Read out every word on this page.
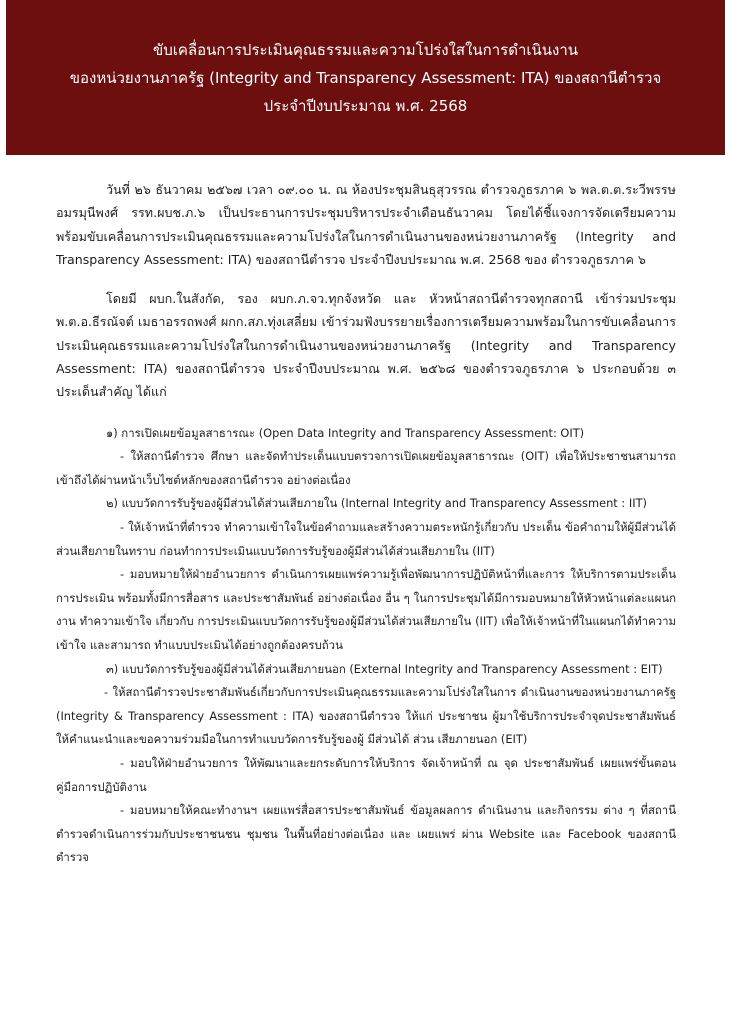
ขับเคลื่อนการประเมินคุณธรรมและความโปร่งใสในการดำเนินงาน
ของหน่วยงานภาครัฐ (Integrity and Transparency Assessment: ITA) ของสถานีตำรวจ
ประจำปีงบประมาณ พ.ศ. 2568

วันที่ ๒๖ ธันวาคม ๒๕๖๗ เวลา ๐๙.๐๐ น. ณ ห้องประชุมสินธุสุวรรณ ตำรวจภูธรภาค ๖ พล.ต.ต.ระวีพรรษ อมรมุนีพงศ์ รรท.ผบช.ภ.๖ เป็นประธานการประชุมบริหารประจำเดือนธันวาคม โดยได้ชี้แจงการจัดเตรียมความพร้อมขับเคลื่อนการประเมินคุณธรรมและความโปร่งใสในการดำเนินงานของหน่วยงานภาครัฐ (Integrity and Transparency Assessment: ITA) ของสถานีตำรวจ ประจำปีงบประมาณ พ.ศ. 2568 ของ ตำรวจภูธรภาค ๖

โดยมี ผบก.ในสังกัด, รอง ผบก.ภ.จว.ทุกจังหวัด และ หัวหน้าสถานีตำรวจทุกสถานี เข้าร่วมประชุม พ.ต.อ.ธีรณัจต์ เมธาอรรถพงศ์ ผกก.สภ.ทุ่งเสลี่ยม เข้าร่วมฟังบรรยายเรื่องการเตรียมความพร้อมในการขับเคลื่อนการประเมินคุณธรรมและความโปร่งใสในการดำเนินงานของหน่วยงานภาครัฐ (Integrity and Transparency Assessment: ITA) ของสถานีตำรวจ ประจำปีงบประมาณ พ.ศ. ๒๕๖๘ ของตำรวจภูธรภาค ๖ ประกอบด้วย ๓ ประเด็นสำคัญ ได้แก่

๑) การเปิดเผยข้อมูลสาธารณะ (Open Data Integrity and Transparency Assessment: OIT)

- ให้สถานีตำรวจ ศึกษา และจัดทำประเด็นแบบตรวจการเปิดเผยข้อมูลสาธารณะ (OIT) เพื่อให้ประชาชนสามารถเข้าถึงได้ผ่านหน้าเว็บไซต์หลักของสถานีตำรวจ อย่างต่อเนื่อง

๒) แบบวัดการรับรู้ของผู้มีส่วนได้ส่วนเสียภายใน (Internal Integrity and Transparency Assessment : IIT)

- ให้เจ้าหน้าที่ตำรวจ ทำความเข้าใจในข้อคำถามและสร้างความตระหนักรู้เกี่ยวกับ ประเด็น ข้อคำถามให้ผู้มีส่วนได้ส่วนเสียภายในทราบ ก่อนทำการประเมินแบบวัดการรับรู้ของผู้มีส่วนได้ส่วนเสียภายใน (IIT)

- มอบหมายให้ฝ่ายอำนวยการ ดำเนินการเผยแพร่ความรู้เพื่อพัฒนาการปฏิบัติหน้าที่และการ ให้บริการตามประเด็นการประเมิน พร้อมทั้งมีการสื่อสาร และประชาสัมพันธ์ อย่างต่อเนื่อง อื่น ๆ ในการประชุมได้มีการมอบหมายให้หัวหน้าแต่ละแผนกงาน ทำความเข้าใจ เกี่ยวกับ การประเมินแบบวัดการรับรู้ของผู้มีส่วนได้ส่วนเสียภายใน (IIT) เพื่อให้เจ้าหน้าที่ในแผนกได้ทำความเข้าใจ และสามารถ ทำแบบประเมินได้อย่างถูกต้องครบถ้วน

๓) แบบวัดการรับรู้ของผู้มีส่วนได้ส่วนเสียภายนอก (External Integrity and Transparency Assessment : EIT)

- ให้สถานีตำรวจประชาสัมพันธ์เกี่ยวกับการประเมินคุณธรรมและความโปร่งใสในการ ดำเนินงานของหน่วยงานภาครัฐ (Integrity & Transparency Assessment : ITA) ของสถานีตำรวจ ให้แก่ ประชาชน ผู้มาใช้บริการประจำจุดประชาสัมพันธ์ ให้คำแนะนำและขอความร่วมมือในการทำแบบวัดการรับรู้ของผู้ มีส่วนได้ ส่วน เสียภายนอก (EIT)

- มอบให้ฝ่ายอำนวยการ ให้พัฒนาและยกระดับการให้บริการ จัดเจ้าหน้าที่ ณ จุด ประชาสัมพันธ์ เผยแพร่ขั้นตอน คู่มือการปฏิบัติงาน

- มอบหมายให้คณะทำงานฯ เผยแพร่สื่อสารประชาสัมพันธ์ ข้อมูลผลการ ดำเนินงาน และกิจกรรม ต่าง ๆ ที่สถานีตำรวจดำเนินการร่วมกับประชาชนชน ชุมชน ในพื้นที่อย่างต่อเนื่อง และ เผยแพร่ ผ่าน Website และ Facebook ของสถานีตำรวจ
